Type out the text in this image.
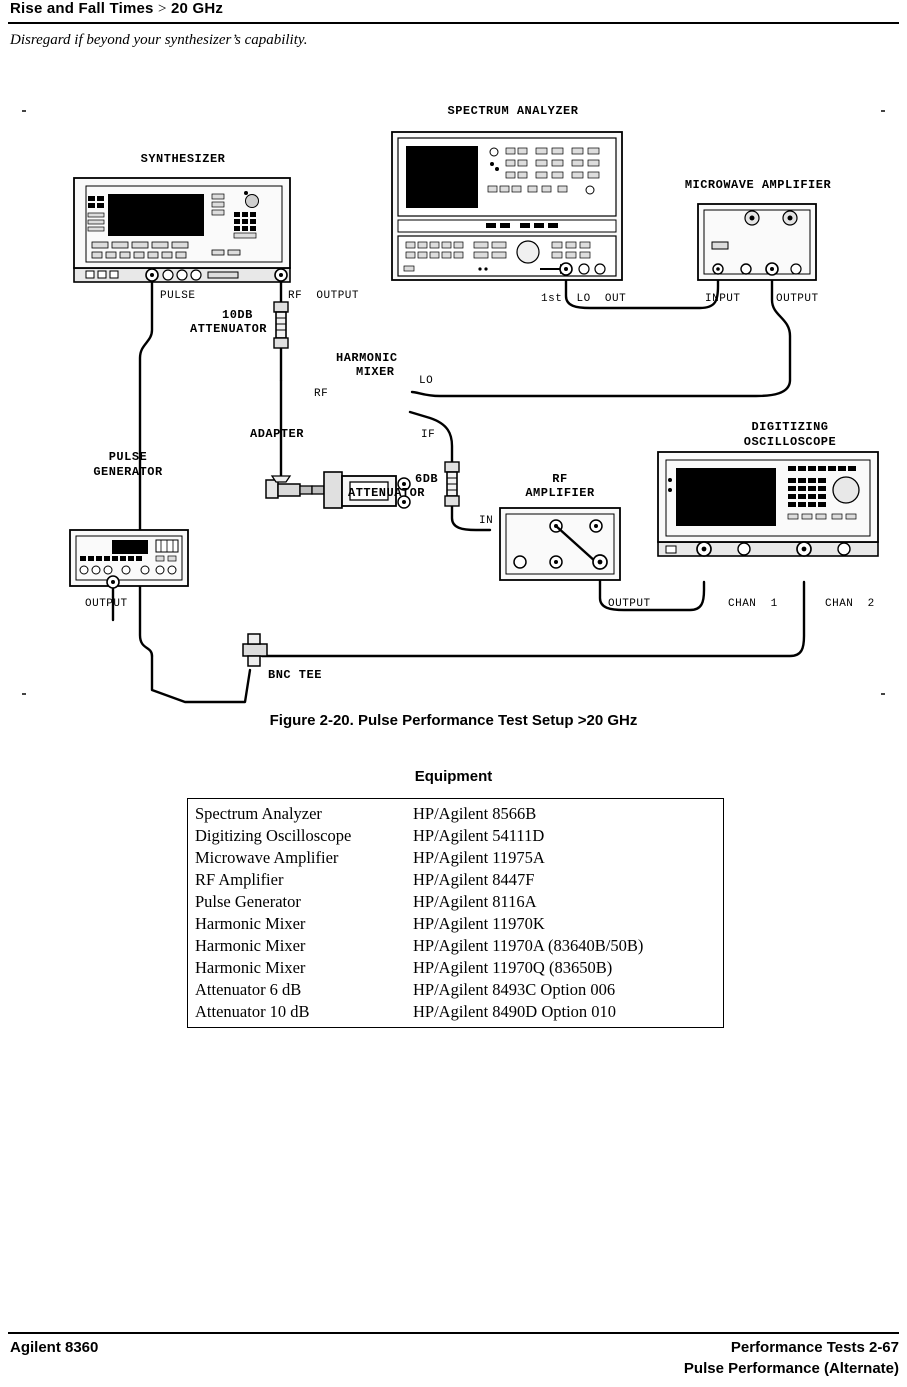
Rise and Fall Times > 20 GHz
Disregard if beyond your synthesizer’s capability.
SPECTRUM ANALYZER
SYNTHESIZER
MICROWAVE AMPLIFIER
PULSE	RF  OUTPUT	1st  LO  OUT	INPUT	OUTPUT
10DB
ATTENUATOR
HARMONIC
MIXER
LO
RF
IF
ADAPTER	DIGITIZING
OSCILLOSCOPE
PULSE
GENERATOR	6DB
ATTENUATOR
RF
AMPLIFIER
IN
OUTPUT	OUTPUT	CHAN  1	CHAN  2
BNC TEE
Figure 2-20. Pulse Performance Test Setup >20 GHz
Equipment
Spectrum Analyzer	HP/Agilent 8566B
Digitizing Oscilloscope	HP/Agilent 54111D
Microwave Amplifier	HP/Agilent 11975A
RF Amplifier	HP/Agilent 8447F
Pulse Generator	HP/Agilent 8116A
Harmonic Mixer	HP/Agilent 11970K
Harmonic Mixer	HP/Agilent 11970A (83640B/50B)
Harmonic Mixer	HP/Agilent 11970Q (83650B)
Attenuator 6 dB	HP/Agilent 8493C Option 006
Attenuator 10 dB	HP/Agilent 8490D Option 010
Agilent 8360	Performance Tests 2-67
Pulse Performance (Alternate)
